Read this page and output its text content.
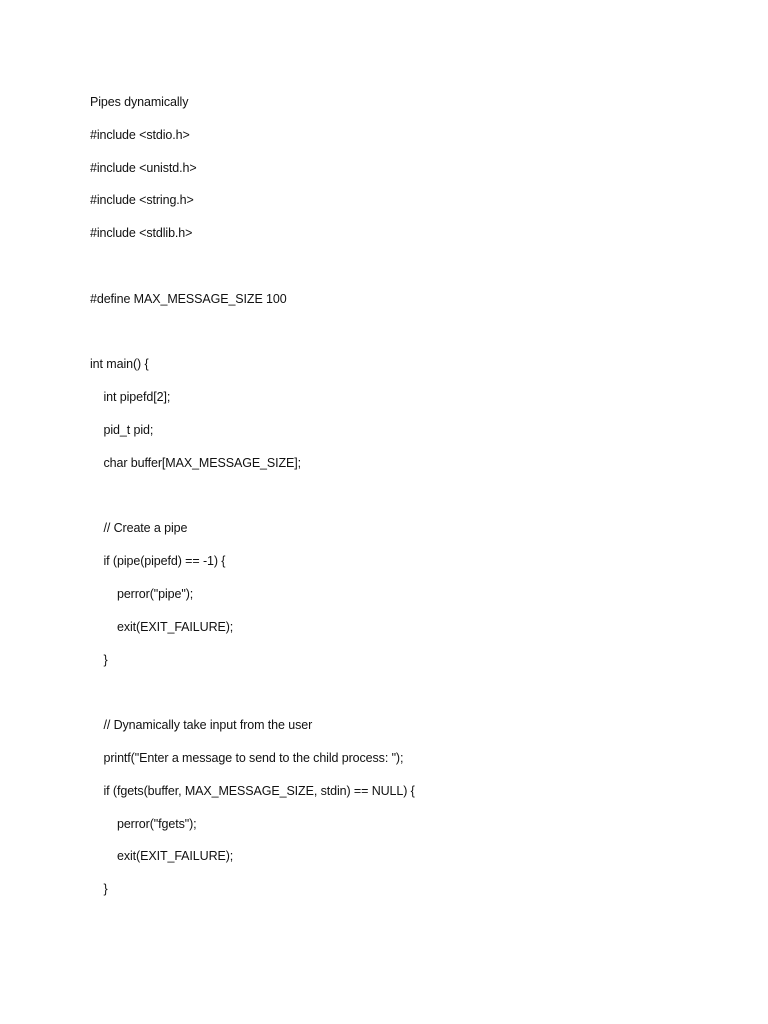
Pipes dynamically
#include <stdio.h>
#include <unistd.h>
#include <string.h>
#include <stdlib.h>
#define MAX_MESSAGE_SIZE 100
int main() {
int pipefd[2];
pid_t pid;
char buffer[MAX_MESSAGE_SIZE];
// Create a pipe
if (pipe(pipefd) == -1) {
perror("pipe");
exit(EXIT_FAILURE);
}
// Dynamically take input from the user
printf("Enter a message to send to the child process: ");
if (fgets(buffer, MAX_MESSAGE_SIZE, stdin) == NULL) {
perror("fgets");
exit(EXIT_FAILURE);
}
